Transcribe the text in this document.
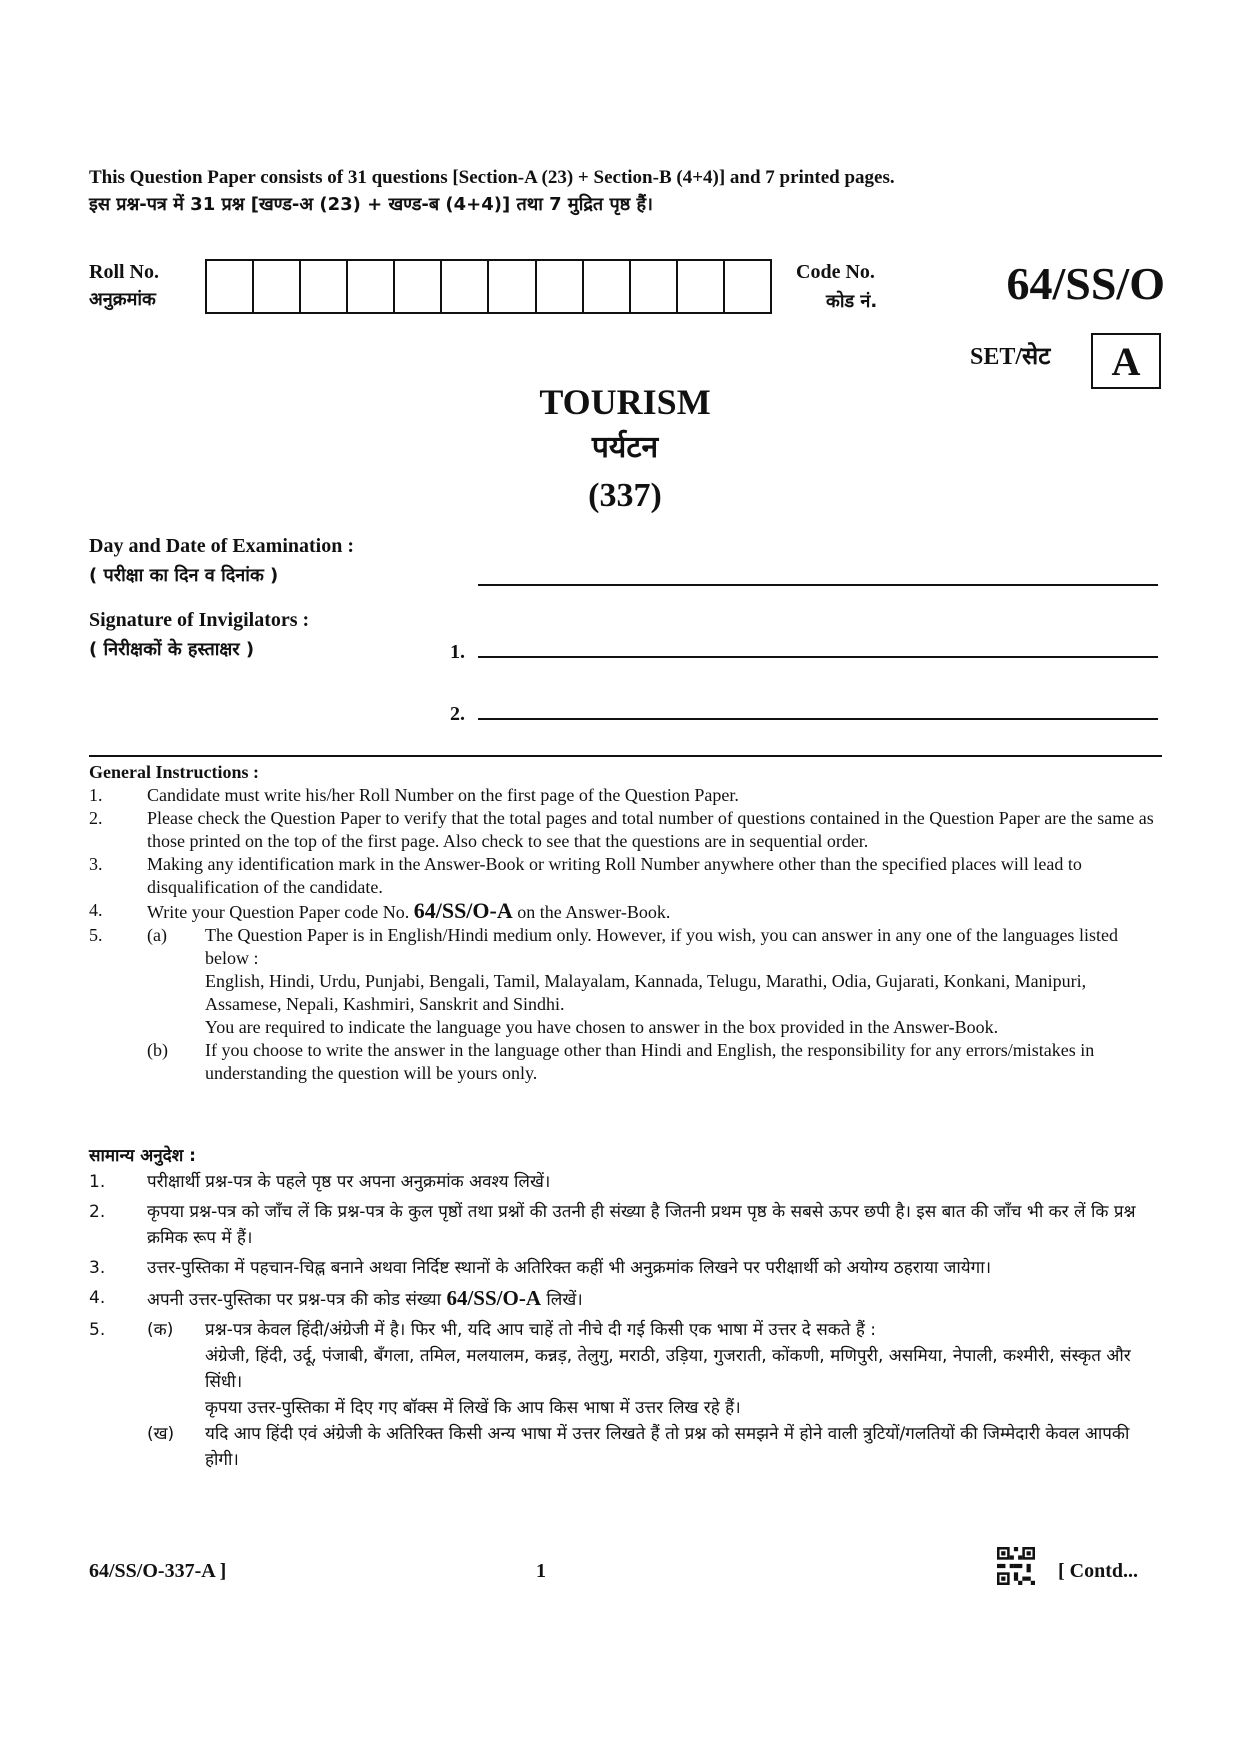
This Question Paper consists of 31 questions [Section-A (23) + Section-B (4+4)] and 7 printed pages.
इस प्रश्न-पत्र में 31 प्रश्न [खण्ड-अ (23) + खण्ड-ब (4+4)] तथा 7 मुद्रित पृष्ठ हैं।
Roll No.
अनुक्रमांक
Code No.
कोड नं.	64/SS/O
SET/सेट	A
TOURISM
पर्यटन
(337)
Day and Date of Examination :
( परीक्षा का दिन व दिनांक )
Signature of Invigilators :
( निरीक्षकों के हस्ताक्षर )	1.
2.
General Instructions :
1.	Candidate must write his/her Roll Number on the first page of the Question Paper.
2.	Please check the Question Paper to verify that the total pages and total number of questions contained in the Question Paper are the same as those printed on the top of the first page. Also check to see that the questions are in sequential order.
3.	Making any identification mark in the Answer-Book or writing Roll Number anywhere other than the specified places will lead to disqualification of the candidate.
4.	Write your Question Paper code No. 64/SS/O-A on the Answer-Book.
5.	(a)	The Question Paper is in English/Hindi medium only. However, if you wish, you can answer in any one of the languages listed below :
English, Hindi, Urdu, Punjabi, Bengali, Tamil, Malayalam, Kannada, Telugu, Marathi, Odia, Gujarati, Konkani, Manipuri, Assamese, Nepali, Kashmiri, Sanskrit and Sindhi.
You are required to indicate the language you have chosen to answer in the box provided in the Answer-Book.
(b)	If you choose to write the answer in the language other than Hindi and English, the responsibility for any errors/mistakes in understanding the question will be yours only.
सामान्य अनुदेश :
1.	परीक्षार्थी प्रश्न-पत्र के पहले पृष्ठ पर अपना अनुक्रमांक अवश्य लिखें।
2.	कृपया प्रश्न-पत्र को जाँच लें कि प्रश्न-पत्र के कुल पृष्ठों तथा प्रश्नों की उतनी ही संख्या है जितनी प्रथम पृष्ठ के सबसे ऊपर छपी है। इस बात की जाँच भी कर लें कि प्रश्न क्रमिक रूप में हैं।
3.	उत्तर-पुस्तिका में पहचान-चिह्न बनाने अथवा निर्दिष्ट स्थानों के अतिरिक्त कहीं भी अनुक्रमांक लिखने पर परीक्षार्थी को अयोग्य ठहराया जायेगा।
4.	अपनी उत्तर-पुस्तिका पर प्रश्न-पत्र की कोड संख्या 64/SS/O-A लिखें।
5.	(क)	प्रश्न-पत्र केवल हिंदी/अंग्रेजी में है। फिर भी, यदि आप चाहें तो नीचे दी गई किसी एक भाषा में उत्तर दे सकते हैं :
अंग्रेजी, हिंदी, उर्दू, पंजाबी, बँगला, तमिल, मलयालम, कन्नड़, तेलुगु, मराठी, उड़िया, गुजराती, कोंकणी, मणिपुरी, असमिया, नेपाली, कश्मीरी, संस्कृत और सिंधी।
कृपया उत्तर-पुस्तिका में दिए गए बॉक्स में लिखें कि आप किस भाषा में उत्तर लिख रहे हैं।
(ख)	यदि आप हिंदी एवं अंग्रेजी के अतिरिक्त किसी अन्य भाषा में उत्तर लिखते हैं तो प्रश्न को समझने में होने वाली त्रुटियों/गलतियों की जिम्मेदारी केवल आपकी होगी।
64/SS/O-337-A ]	1	[ Contd...
